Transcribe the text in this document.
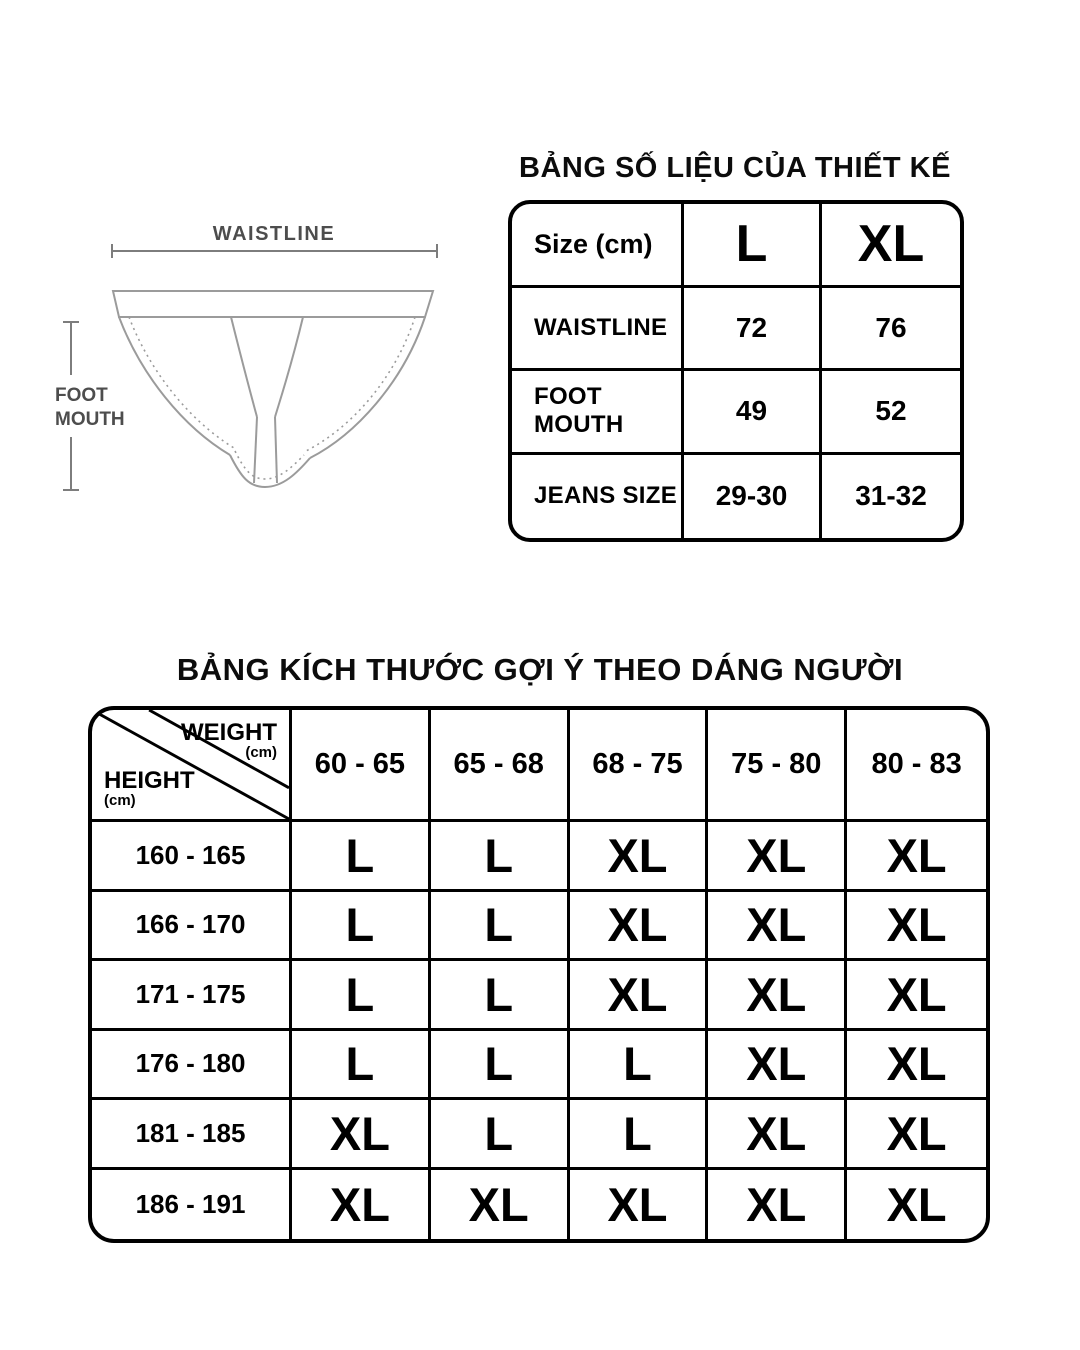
WAISTLINE
FOOT
MOUTH
BẢNG SỐ LIỆU CỦA THIẾT KẾ
Size (cm)	L	XL
WAISTLINE	72	76
FOOT MOUTH	49	52
JEANS SIZE	29-30	31-32
BẢNG KÍCH THƯỚC GỢI Ý THEO DÁNG NGƯỜI
WEIGHT
(cm)
HEIGHT
(cm)
60 - 65	65 - 68	68 - 75	75 - 80	80 - 83
160 - 165	L	L	XL	XL	XL
166 - 170	L	L	XL	XL	XL
171 - 175	L	L	XL	XL	XL
176 - 180	L	L	L	XL	XL
181 - 185	XL	L	L	XL	XL
186 - 191	XL	XL	XL	XL	XL
